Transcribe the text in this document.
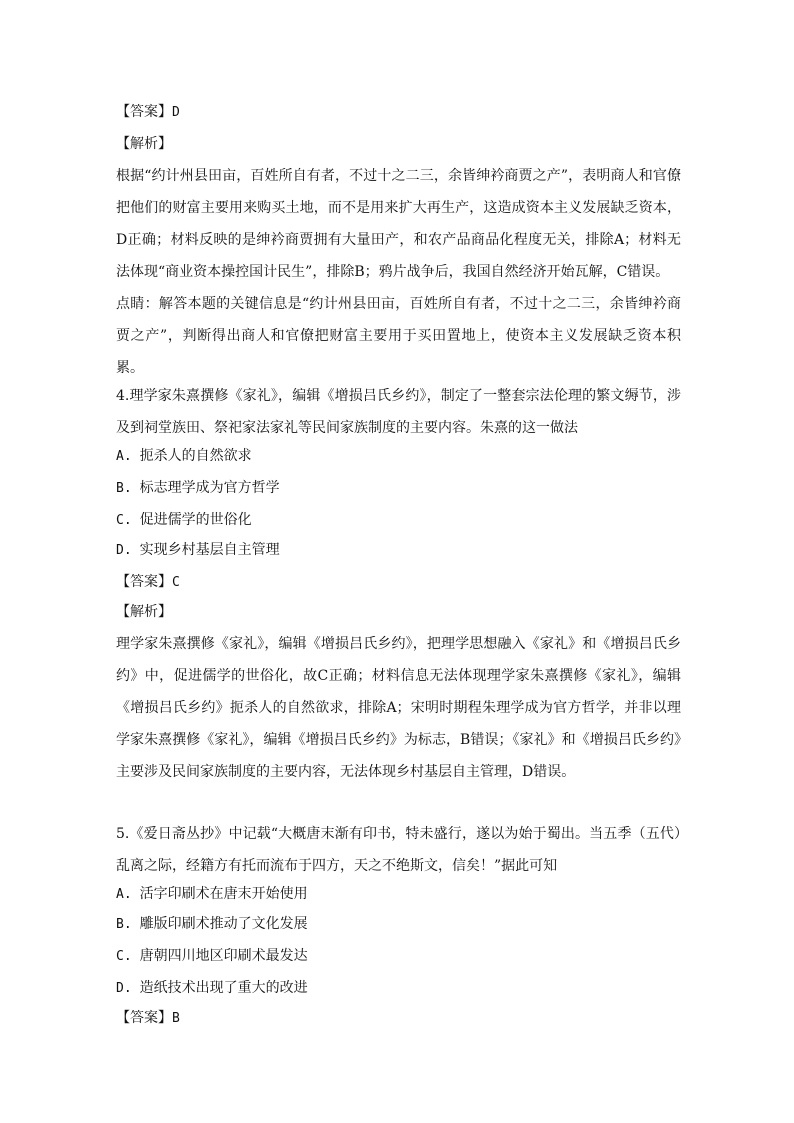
【答案】D
【解析】
根据“约计州县田亩，百姓所自有者，不过十之二三，余皆绅衿商贾之产”，表明商人和官僚把他们的财富主要用来购买土地，而不是用来扩大再生产，这造成资本主义发展缺乏资本，D正确；材料反映的是绅衿商贾拥有大量田产，和农产品商品化程度无关，排除A；材料无法体现“商业资本操控国计民生”，排除B；鸦片战争后，我国自然经济开始瓦解，C错误。
点睛：解答本题的关键信息是“约计州县田亩，百姓所自有者，不过十之二三，余皆绅衿商贾之产”，判断得出商人和官僚把财富主要用于买田置地上，使资本主义发展缺乏资本积累。
4.理学家朱熹撰修《家礼》，编辑《增损吕氏乡约》，制定了一整套宗法伦理的繁文缛节，涉及到祠堂族田、祭祀家法家礼等民间家族制度的主要内容。朱熹的这一做法
A. 扼杀人的自然欲求
B. 标志理学成为官方哲学
C. 促进儒学的世俗化
D. 实现乡村基层自主管理
【答案】C
【解析】
理学家朱熹撰修《家礼》，编辑《增损吕氏乡约》，把理学思想融入《家礼》和《增损吕氏乡约》中，促进儒学的世俗化，故C正确；材料信息无法体现理学家朱熹撰修《家礼》，编辑《增损吕氏乡约》扼杀人的自然欲求，排除A；宋明时期程朱理学成为官方哲学，并非以理学家朱熹撰修《家礼》，编辑《增损吕氏乡约》为标志，B错误；《家礼》和《增损吕氏乡约》主要涉及民间家族制度的主要内容，无法体现乡村基层自主管理，D错误。
5.《爱日斋丛抄》中记载“大概唐末渐有印书，特未盛行，遂以为始于蜀出。当五季（五代）乱离之际，经籍方有托而流布于四方，天之不绝斯文，信矣！”据此可知
A. 活字印刷术在唐末开始使用
B. 雕版印刷术推动了文化发展
C. 唐朝四川地区印刷术最发达
D. 造纸技术出现了重大的改进
【答案】B
